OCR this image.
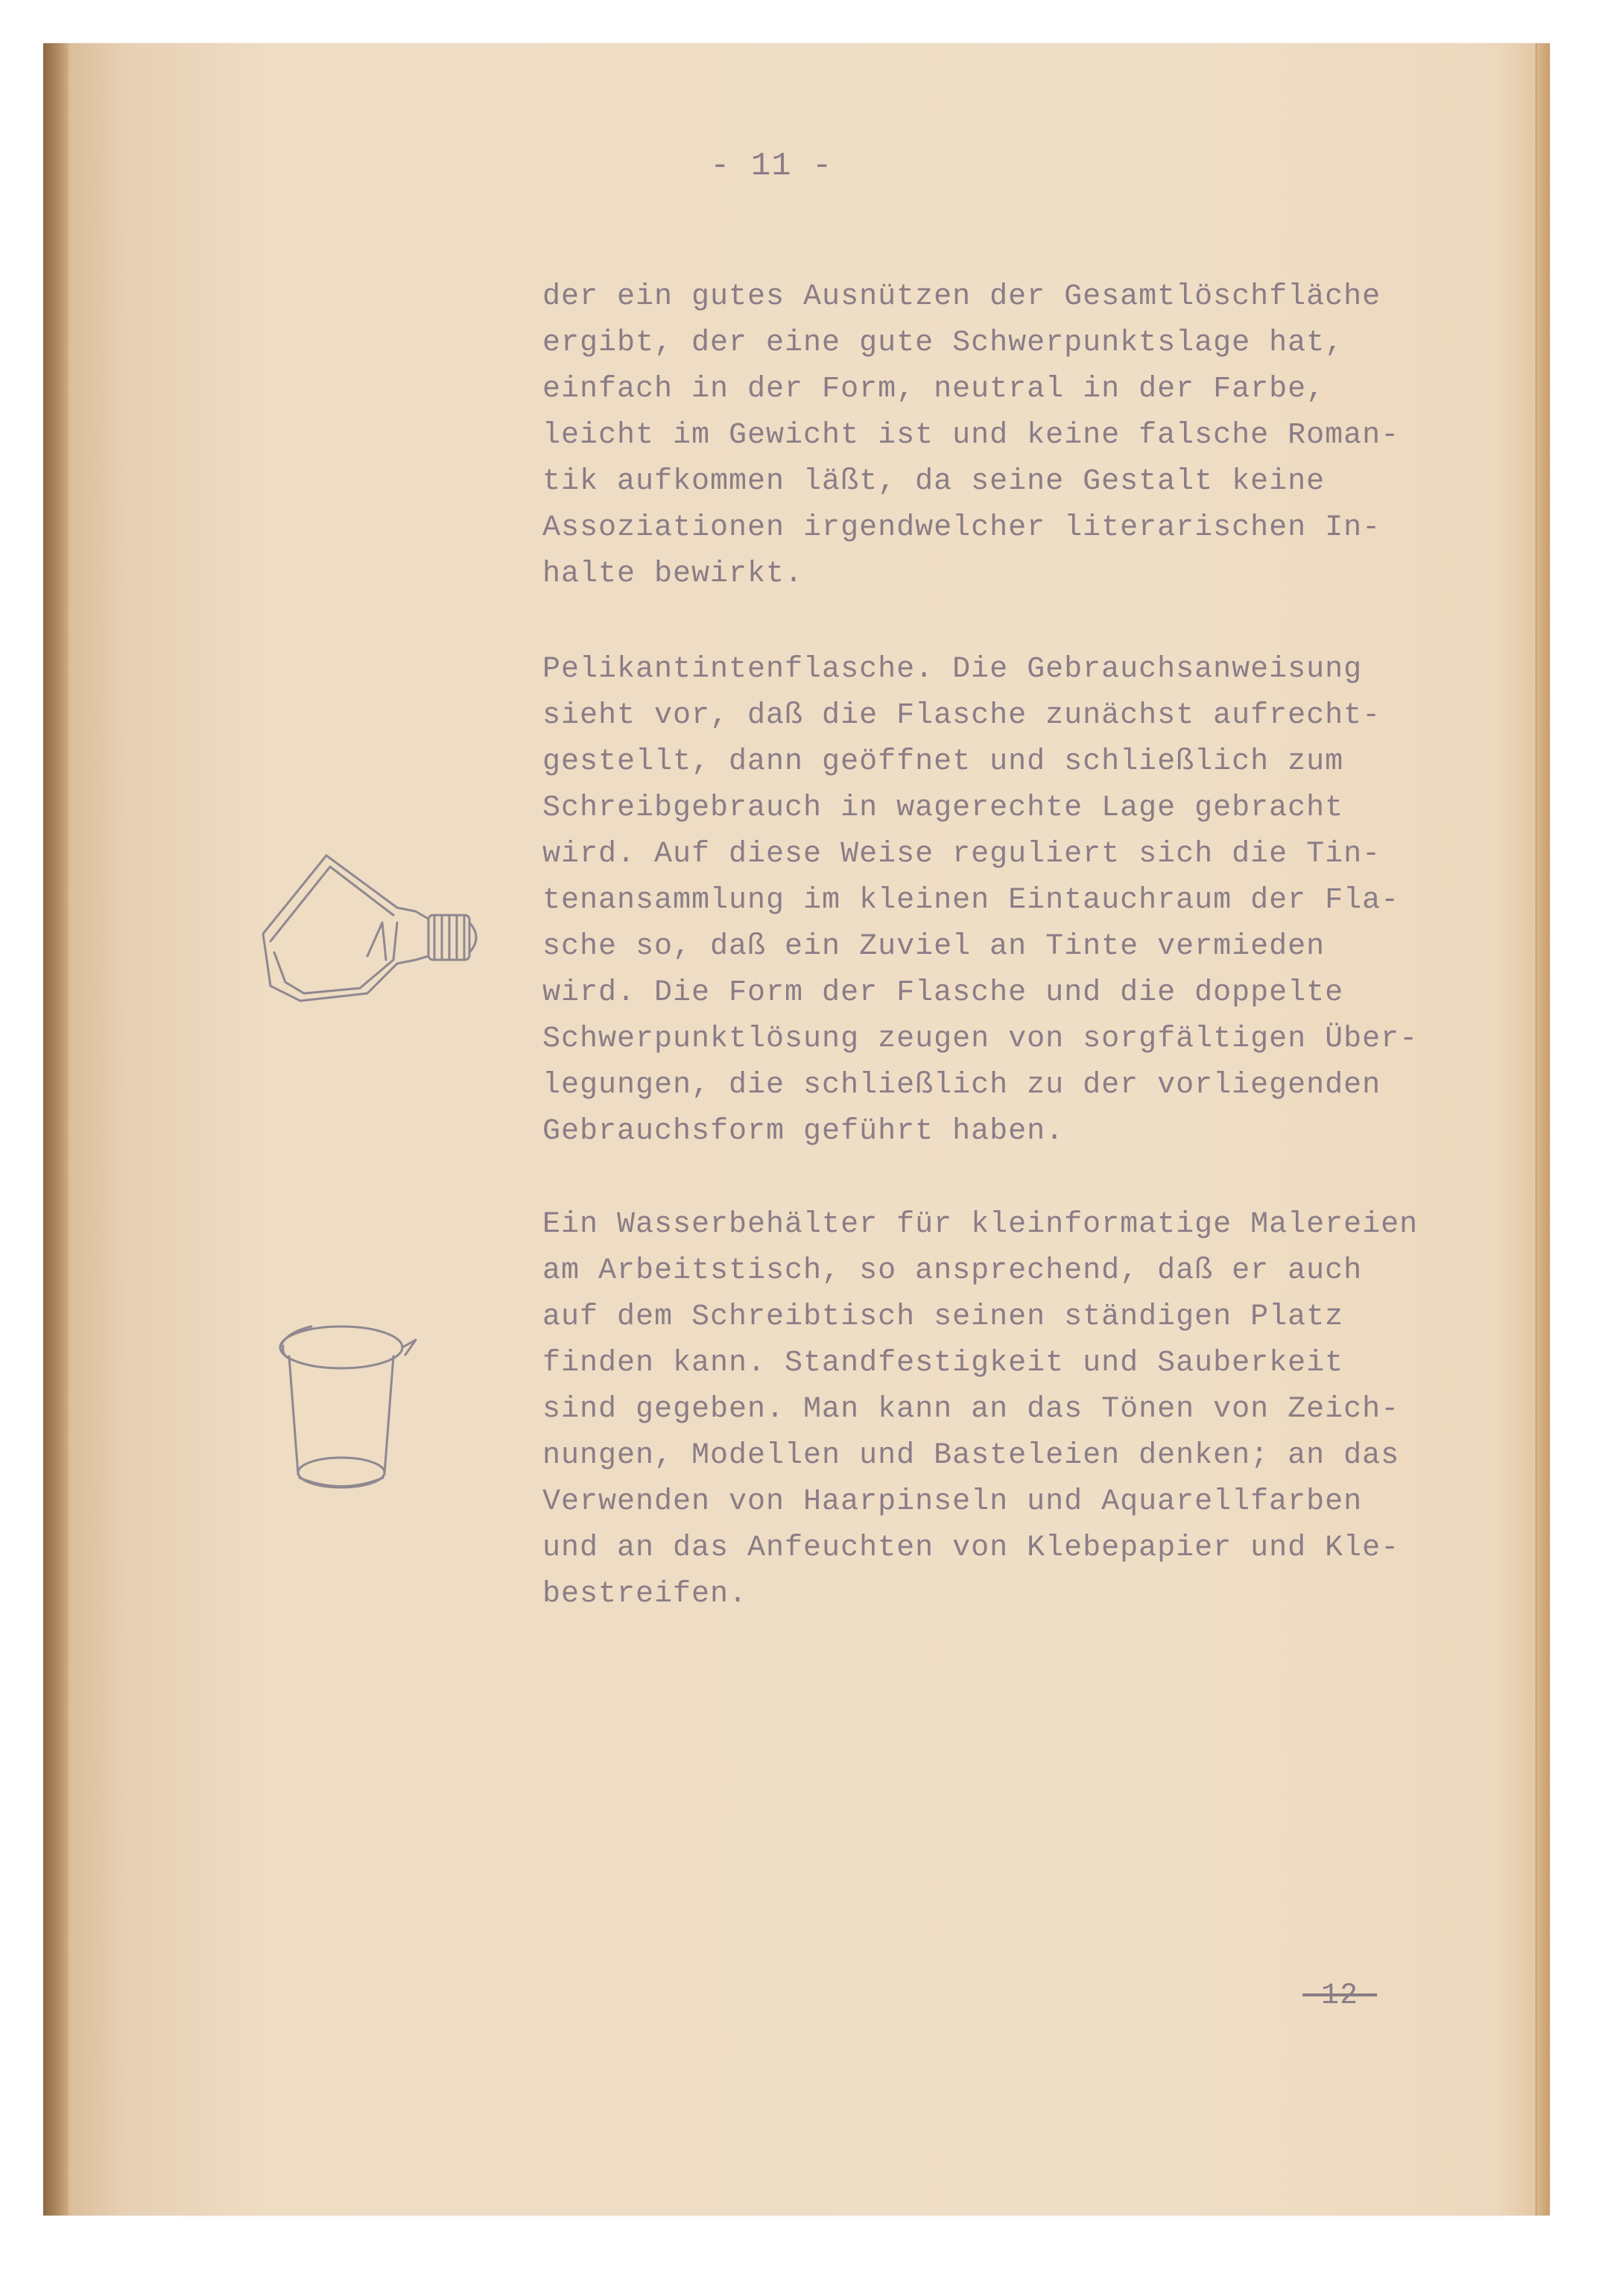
- 11 -
der ein gutes Ausnützen der Gesamtlöschfläche
ergibt, der eine gute Schwerpunktslage hat,
einfach in der Form, neutral in der Farbe,
leicht im Gewicht ist und keine falsche Roman-
tik aufkommen läßt, da seine Gestalt keine
Assoziationen irgendwelcher literarischen In-
halte bewirkt.
Pelikantintenflasche. Die Gebrauchsanweisung
sieht vor, daß die Flasche zunächst aufrecht-
gestellt, dann geöffnet und schließlich zum
Schreibgebrauch in wagerechte Lage gebracht
wird. Auf diese Weise reguliert sich die Tin-
tenansammlung im kleinen Eintauchraum der Fla-
sche so, daß ein Zuviel an Tinte vermieden
wird. Die Form der Flasche und die doppelte
Schwerpunktlösung zeugen von sorgfältigen Über-
legungen, die schließlich zu der vorliegenden
Gebrauchsform geführt haben.
Ein Wasserbehälter für kleinformatige Malereien
am Arbeitstisch, so ansprechend, daß er auch
auf dem Schreibtisch seinen ständigen Platz
finden kann. Standfestigkeit und Sauberkeit
sind gegeben. Man kann an das Tönen von Zeich-
nungen, Modellen und Basteleien denken; an das
Verwenden von Haarpinseln und Aquarellfarben
und an das Anfeuchten von Klebepapier und Kle-
bestreifen.
-12-
